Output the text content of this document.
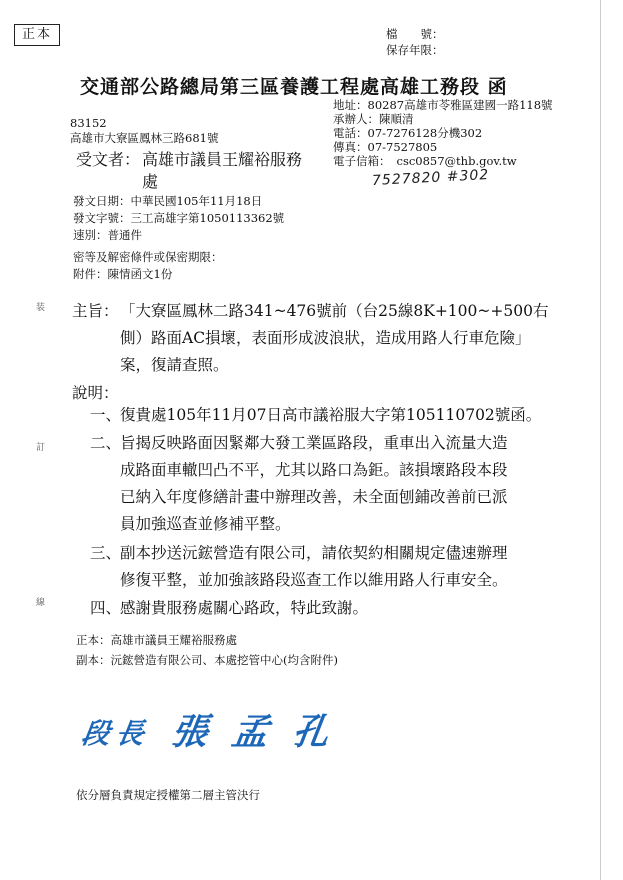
正本	檔　　號：
保存年限：
交通部公路總局第三區養護工程處高雄工務段 函
83152
高雄市大寮區鳳林三路681號
地址：80287高雄市苓雅區建國一路118號
承辦人：陳順清
電話：07-7276128分機302
傳真：07-7527805
電子信箱： csc0857@thb.gov.tw
7527820 #302
受文者： 高雄市議員王耀裕服務
處
發文日期：中華民國105年11月18日
發文字號：三工高雄字第1050113362號
速別：普通件
密等及解密條件或保密期限：
附件：陳情函文1份
装
訂
線
主旨： 「大寮區鳳林二路341~476號前（台25線8K+100~+500右
側）路面AC損壞，表面形成波浪狀，造成用路人行車危險」
案，復請查照。
說明：
一、
復貴處105年11月07日高市議裕服大字第105110702號函。
二、
旨揭反映路面因緊鄰大發工業區路段，重車出入流量大造
成路面車轍凹凸不平，尤其以路口為鉅。該損壞路段本段
已納入年度修繕計畫中辦理改善，未全面刨鋪改善前已派
員加強巡查並修補平整。
三、
副本抄送沅鋐營造有限公司，請依契約相關規定儘速辦理
修復平整，並加強該路段巡查工作以維用路人行車安全。
四、
感謝貴服務處關心路政，特此致謝。
正本：高雄市議員王耀裕服務處
副本：沅鋐營造有限公司、本處挖管中心(均含附件)
段長 張 孟 孔
依分層負責規定授權第二層主管決行
